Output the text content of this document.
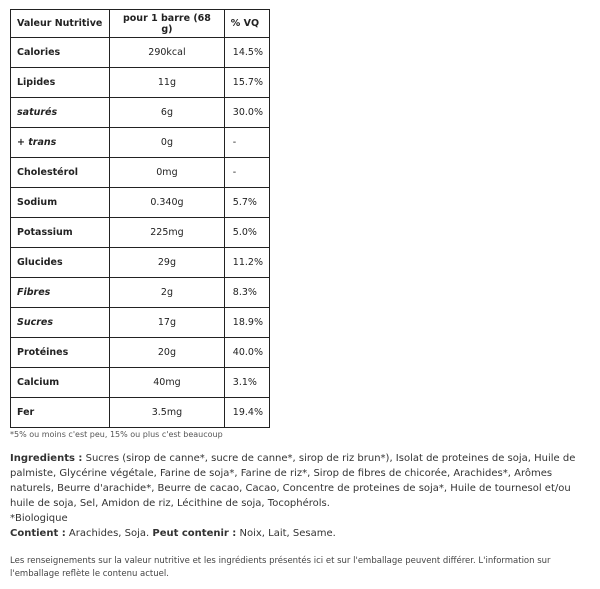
Valeur Nutritive	pour 1 barre (68 g)	% VQ
Calories	290kcal	14.5%
Lipides	11g	15.7%
saturés	6g	30.0%
+ trans	0g	-
Cholestérol	0mg	-
Sodium	0.340g	5.7%
Potassium	225mg	5.0%
Glucides	29g	11.2%
Fibres	2g	8.3%
Sucres	17g	18.9%
Protéines	20g	40.0%
Calcium	40mg	3.1%
Fer	3.5mg	19.4%
*5% ou moins c'est peu, 15% ou plus c'est beaucoup
Ingredients : Sucres (sirop de canne*, sucre de canne*, sirop de riz brun*), Isolat de proteines de soja, Huile de palmiste, Glycérine végétale, Farine de soja*, Farine de riz*, Sirop de fibres de chicorée, Arachides*, Arômes naturels, Beurre d'arachide*, Beurre de cacao, Cacao, Concentre de proteines de soja*, Huile de tournesol et/ou huile de soja, Sel, Amidon de riz, Lécithine de soja, Tocophérols.
*Biologique
Contient : Arachides, Soja. Peut contenir : Noix, Lait, Sesame.
Les renseignements sur la valeur nutritive et les ingrédients présentés ici et sur l'emballage peuvent différer. L'information sur l'emballage reflète le contenu actuel.
